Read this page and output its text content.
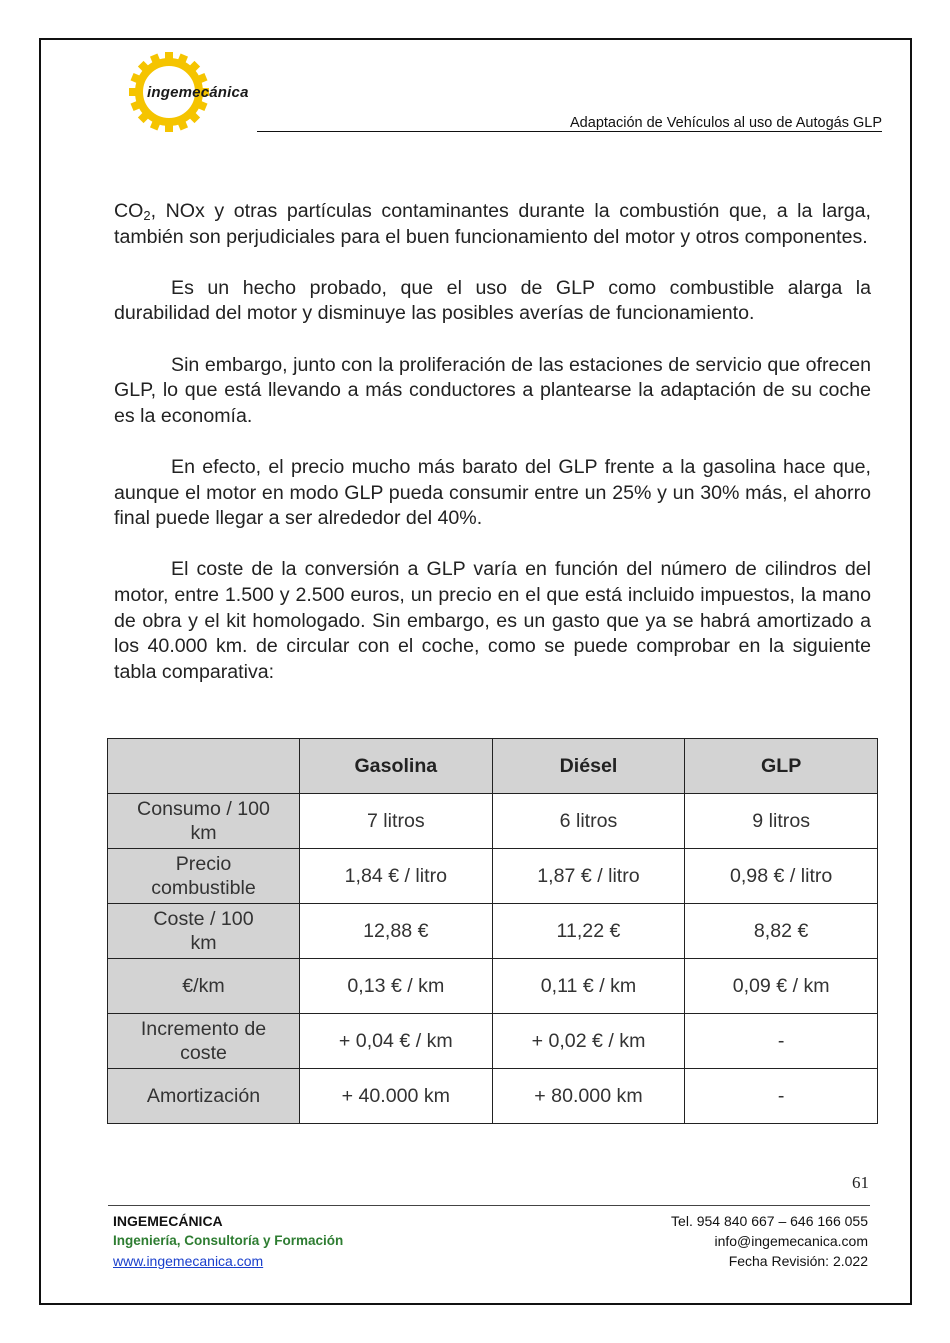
ingemecánica
Adaptación de Vehículos al uso de Autogás GLP

$CO_2$, NOx y otras partículas contaminantes durante la combustión que, a la larga, también son perjudiciales para el buen funcionamiento del motor y otros componentes.

Es un hecho probado, que el uso de GLP como combustible alarga la durabilidad del motor y disminuye las posibles averías de funcionamiento.

Sin embargo, junto con la proliferación de las estaciones de servicio que ofrecen GLP, lo que está llevando a más conductores a plantearse la adaptación de su coche es la economía.

En efecto, el precio mucho más barato del GLP frente a la gasolina hace que, aunque el motor en modo GLP pueda consumir entre un 25% y un 30% más, el ahorro final puede llegar a ser alrededor del 40%.

El coste de la conversión a GLP varía en función del número de cilindros del motor, entre 1.500 y 2.500 euros, un precio en el que está incluido impuestos, la mano de obra y el kit homologado. Sin embargo, es un gasto que ya se habrá amortizado a los 40.000 km. de circular con el coche, como se puede comprobar en la siguiente tabla comparativa:

	Gasolina	Diésel	GLP
Consumo / 100 km	7 litros	6 litros	9 litros
Precio combustible	1,84 € / litro	1,87 € / litro	0,98 € / litro
Coste / 100 km	12,88 €	11,22 €	8,82 €
€/km	0,13 € / km	0,11 € / km	0,09 € / km
Incremento de coste	+ 0,04 € / km	+ 0,02 € / km	-
Amortización	+ 40.000 km	+ 80.000 km	-
61
INGEMECÁNICA
Ingeniería, Consultoría y Formación
www.ingemecanica.com
Tel. 954 840 667 – 646 166 055
info@ingemecanica.com
Fecha Revisión: 2.022
